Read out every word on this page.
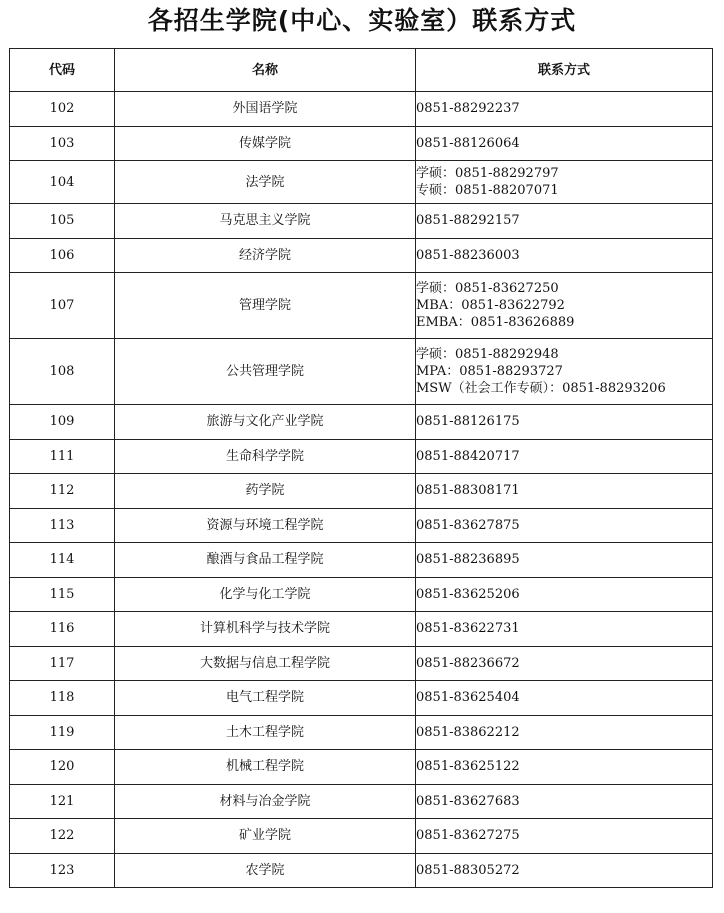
各招生学院(中心、实验室）联系方式
代码	名称	联系方式
102	外国语学院	0851-88292237

103	传媒学院	0851-88126064

104	法学院	学硕：0851-88292797
专硕：0851-88207071

105	马克思主义学院	0851-88292157

106	经济学院	0851-88236003

107	管理学院	学硕：0851-83627250
MBA：0851-83622792
EMBA：0851-83626889

108	公共管理学院	学硕：0851-88292948
MPA：0851-88293727
MSW（社会工作专硕）：0851-88293206

109	旅游与文化产业学院	0851-88126175

111	生命科学学院	0851-88420717

112	药学院	0851-88308171

113	资源与环境工程学院	0851-83627875

114	酿酒与食品工程学院	0851-88236895

115	化学与化工学院	0851-83625206

116	计算机科学与技术学院	0851-83622731

117	大数据与信息工程学院	0851-88236672

118	电气工程学院	0851-83625404

119	土木工程学院	0851-83862212

120	机械工程学院	0851-83625122

121	材料与冶金学院	0851-83627683

122	矿业学院	0851-83627275

123	农学院	0851-88305272
